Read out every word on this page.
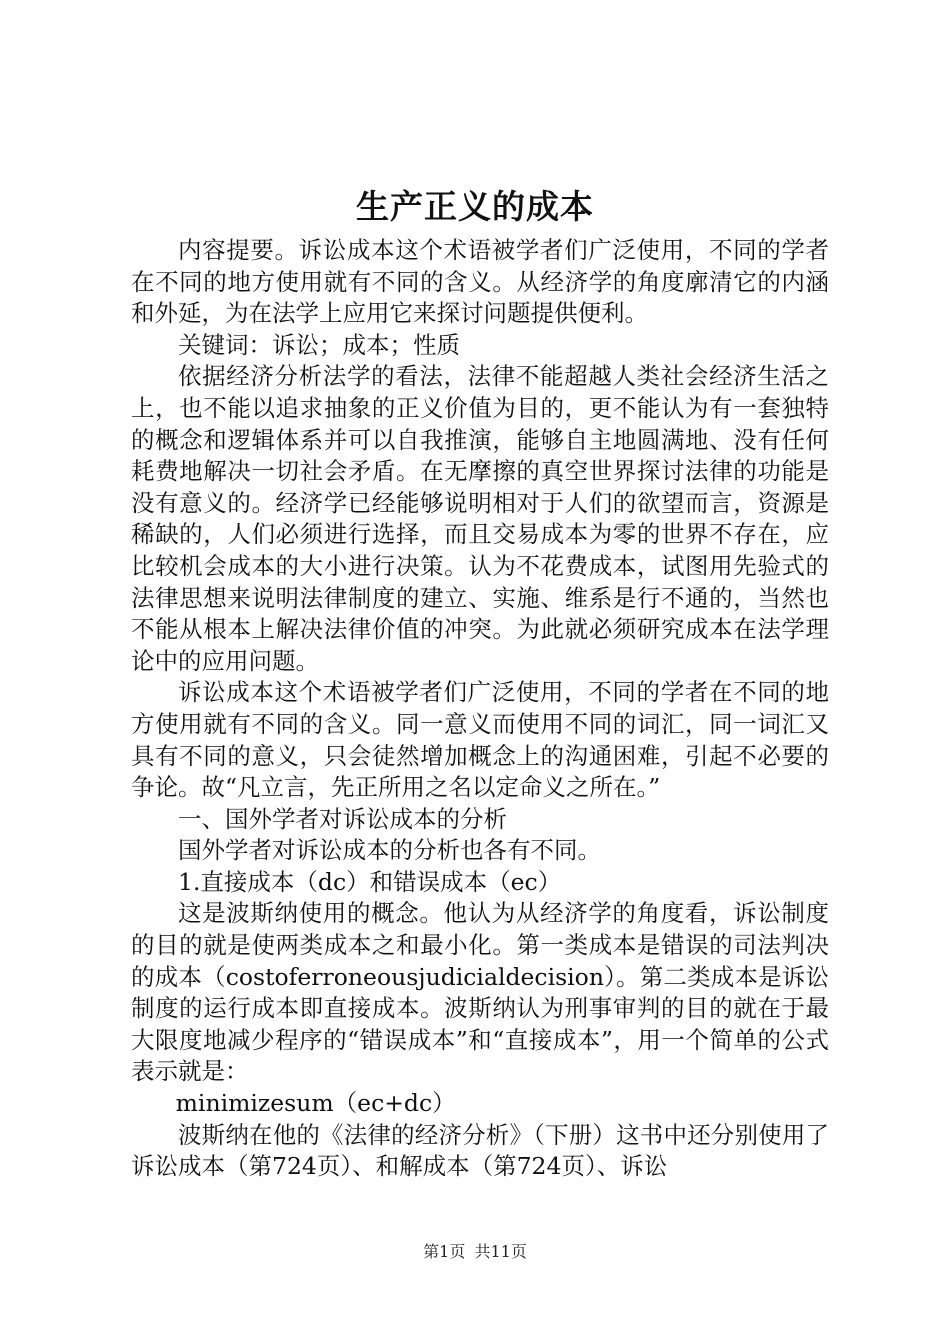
生产正义的成本

内容提要。诉讼成本这个术语被学者们广泛使用，不同的学者在不同的地方使用就有不同的含义。从经济学的角度廓清它的内涵和外延，为在法学上应用它来探讨问题提供便利。

关键词：诉讼；成本；性质

依据经济分析法学的看法，法律不能超越人类社会经济生活之上，也不能以追求抽象的正义价值为目的，更不能认为有一套独特的概念和逻辑体系并可以自我推演，能够自主地圆满地、没有任何耗费地解决一切社会矛盾。在无摩擦的真空世界探讨法律的功能是没有意义的。经济学已经能够说明相对于人们的欲望而言，资源是稀缺的，人们必须进行选择，而且交易成本为零的世界不存在，应比较机会成本的大小进行决策。认为不花费成本，试图用先验式的法律思想来说明法律制度的建立、实施、维系是行不通的，当然也不能从根本上解决法律价值的冲突。为此就必须研究成本在法学理论中的应用问题。

诉讼成本这个术语被学者们广泛使用，不同的学者在不同的地方使用就有不同的含义。同一意义而使用不同的词汇，同一词汇又具有不同的意义，只会徒然增加概念上的沟通困难，引起不必要的争论。故“凡立言，先正所用之名以定命义之所在。”

一、国外学者对诉讼成本的分析

国外学者对诉讼成本的分析也各有不同。

1.直接成本（dc）和错误成本（ec）

这是波斯纳使用的概念。他认为从经济学的角度看，诉讼制度的目的就是使两类成本之和最小化。第一类成本是错误的司法判决的成本（costoferroneousjudicialdecision）。第二类成本是诉讼制度的运行成本即直接成本。波斯纳认为刑事审判的目的就在于最大限度地减少程序的“错误成本”和“直接成本”，用一个简单的公式表示就是：

minimizesum（ec+dc）

波斯纳在他的《法律的经济分析》（下册）这书中还分别使用了诉讼成本（第724页）、和解成本（第724页）、诉讼

第1页 共11页
